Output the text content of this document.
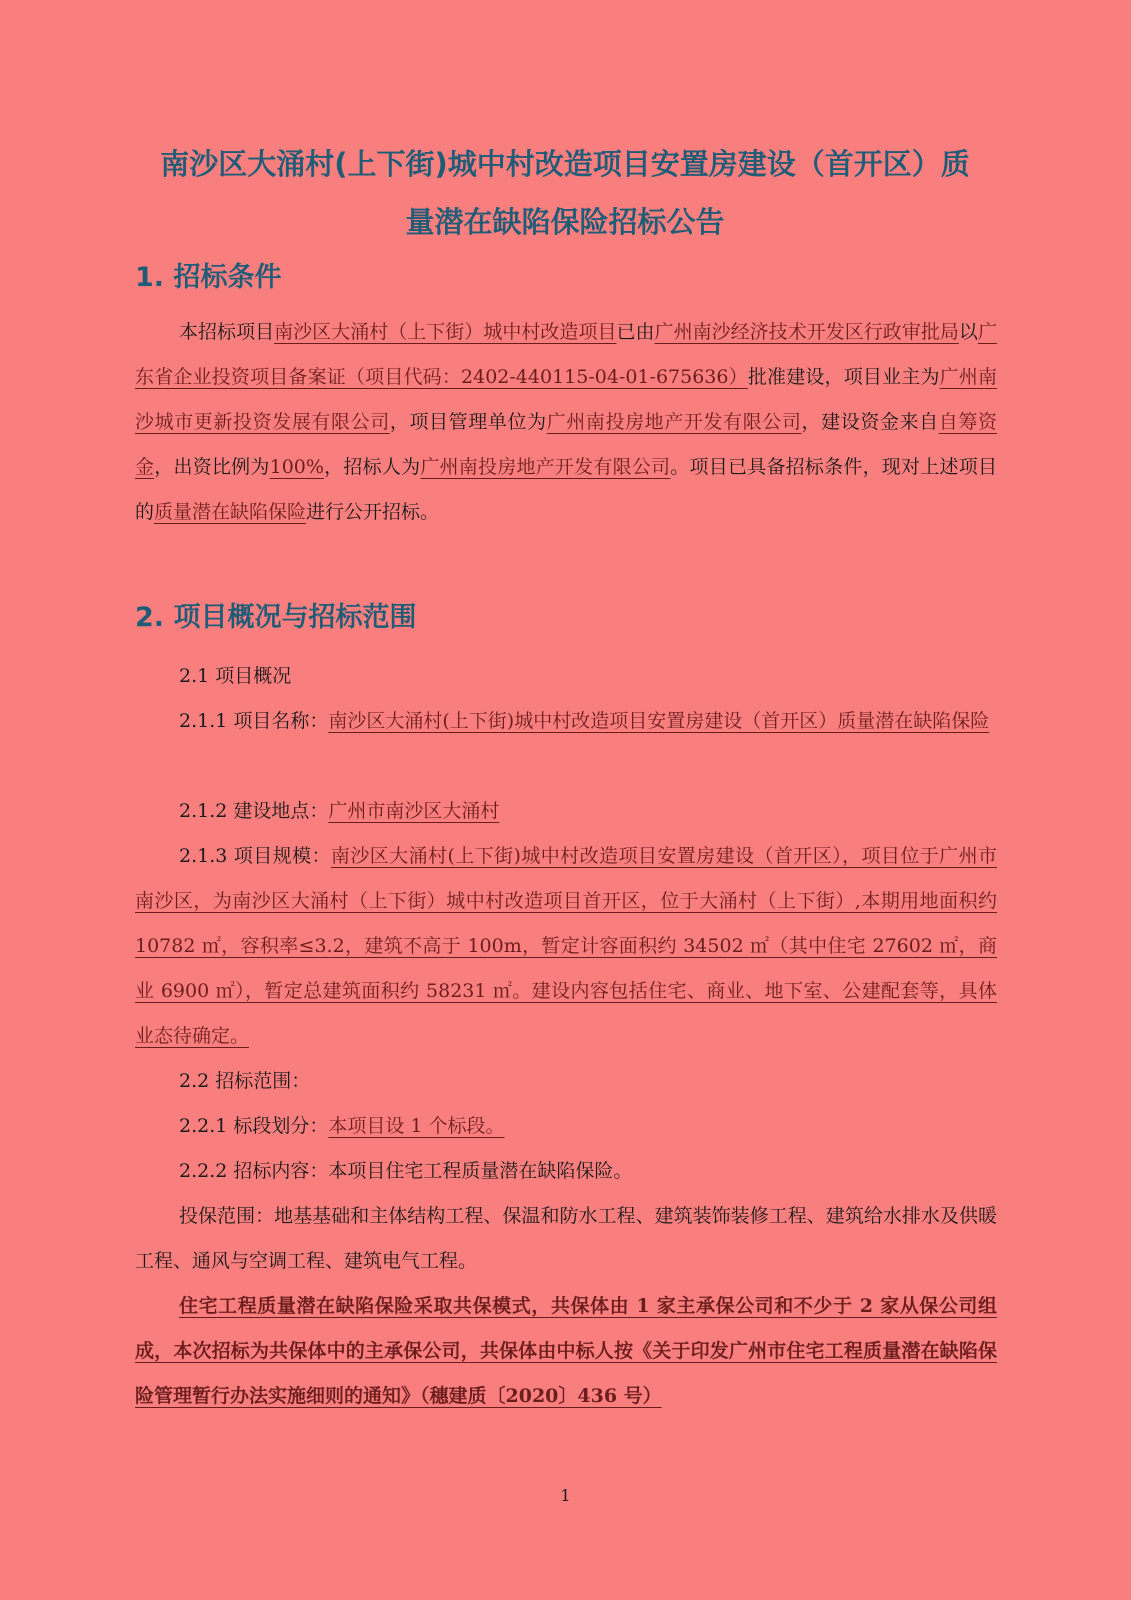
南沙区大涌村(上下街)城中村改造项目安置房建设（首开区）质
量潜在缺陷保险招标公告
1. 招标条件

本招标项目南沙区大涌村（上下街）城中村改造项目已由广州南沙经济技术开发区行政审批局以广东省企业投资项目备案证（项目代码：2402-440115-04-01-675636）批准建设，项目业主为广州南沙城市更新投资发展有限公司，项目管理单位为广州南投房地产开发有限公司，建设资金来自自筹资金，出资比例为100%，招标人为广州南投房地产开发有限公司。项目已具备招标条件，现对上述项目的质量潜在缺陷保险进行公开招标。

2. 项目概况与招标范围

2.1 项目概况

2.1.1 项目名称：南沙区大涌村(上下街)城中村改造项目安置房建设（首开区）质量潜在缺陷保险

2.1.2 建设地点：广州市南沙区大涌村

2.1.3 项目规模：南沙区大涌村(上下街)城中村改造项目安置房建设（首开区），项目位于广州市南沙区，为南沙区大涌村（上下街）城中村改造项目首开区，位于大涌村（上下街）,本期用地面积约 10782 ㎡，容积率≤3.2，建筑不高于 100m，暂定计容面积约 34502 ㎡（其中住宅 27602 ㎡，商业 6900 ㎡），暂定总建筑面积约 58231 ㎡。建设内容包括住宅、商业、地下室、公建配套等，具体业态待确定。

2.2 招标范围：

2.2.1 标段划分：本项目设 1 个标段。

2.2.2 招标内容：本项目住宅工程质量潜在缺陷保险。

投保范围：地基基础和主体结构工程、保温和防水工程、建筑装饰装修工程、建筑给水排水及供暖工程、通风与空调工程、建筑电气工程。

住宅工程质量潜在缺陷保险采取共保模式，共保体由 1 家主承保公司和不少于 2 家从保公司组成，本次招标为共保体中的主承保公司，共保体由中标人按《关于印发广州市住宅工程质量潜在缺陷保险管理暂行办法实施细则的通知》（穗建质〔2020〕436 号）

1
